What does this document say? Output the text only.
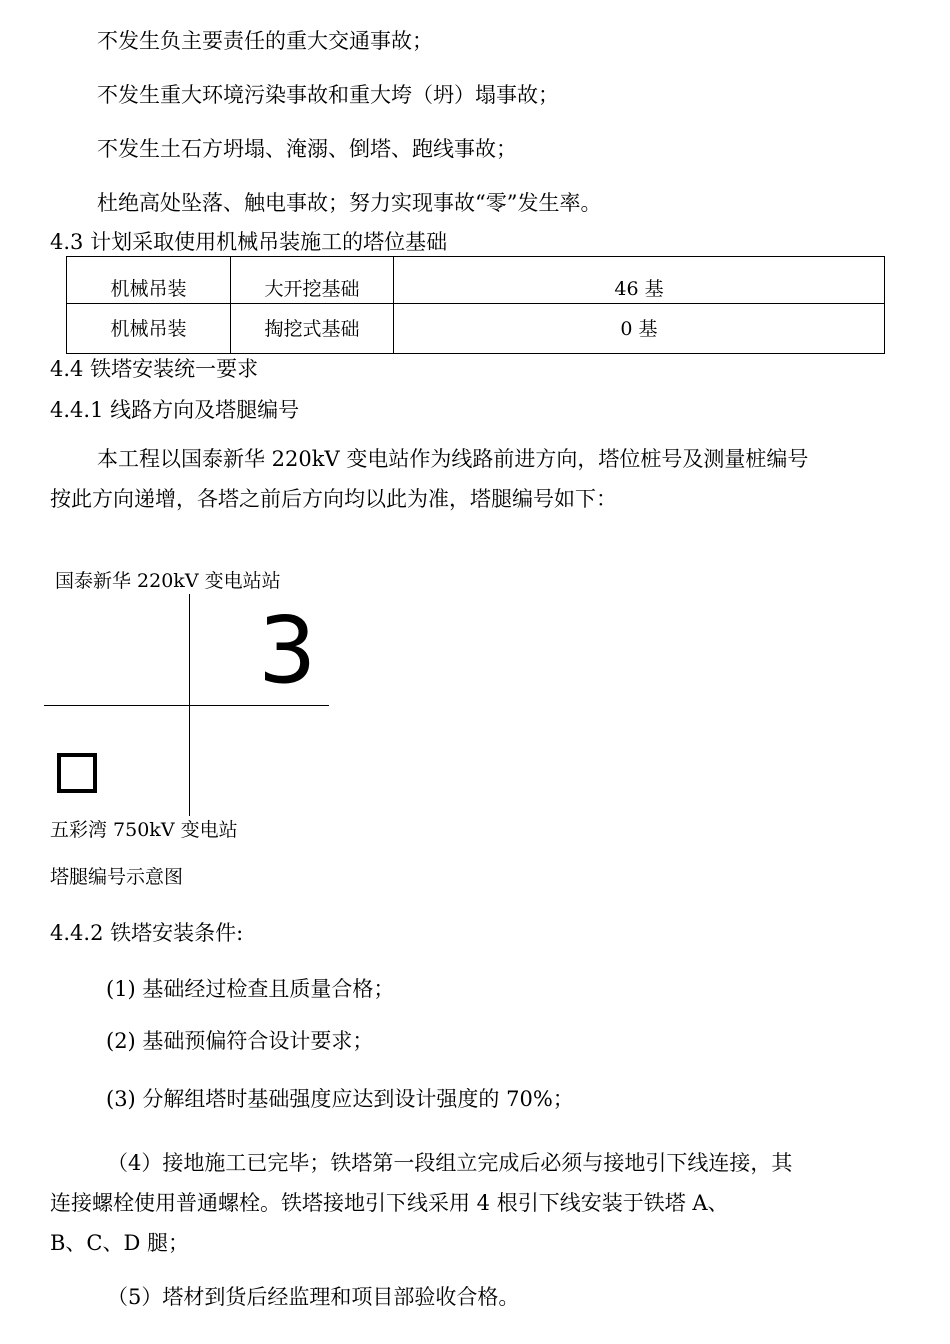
不发生负主要责任的重大交通事故；
不发生重大环境污染事故和重大垮（坍）塌事故；
不发生土石方坍塌、淹溺、倒塔、跑线事故；
杜绝高处坠落、触电事故；努力实现事故“零”发生率。
4.3 计划采取使用机械吊装施工的塔位基础
机械吊装	大开挖基础	46 基
机械吊装	掏挖式基础	0 基
4.4 铁塔安装统一要求
4.4.1 线路方向及塔腿编号
本工程以国泰新华 220kV 变电站作为线路前进方向，塔位桩号及测量桩编号
按此方向递增，各塔之前后方向均以此为准，塔腿编号如下：
国泰新华 220kV 变电站站
3
五彩湾 750kV 变电站
塔腿编号示意图
4.4.2 铁塔安装条件:
(1) 基础经过检查且质量合格；
(2) 基础预偏符合设计要求；
(3) 分解组塔时基础强度应达到设计强度的 70%；
（4）接地施工已完毕；铁塔第一段组立完成后必须与接地引下线连接，其
连接螺栓使用普通螺栓。铁塔接地引下线采用 4 根引下线安装于铁塔 A、
B、C、D 腿；
（5）塔材到货后经监理和项目部验收合格。
